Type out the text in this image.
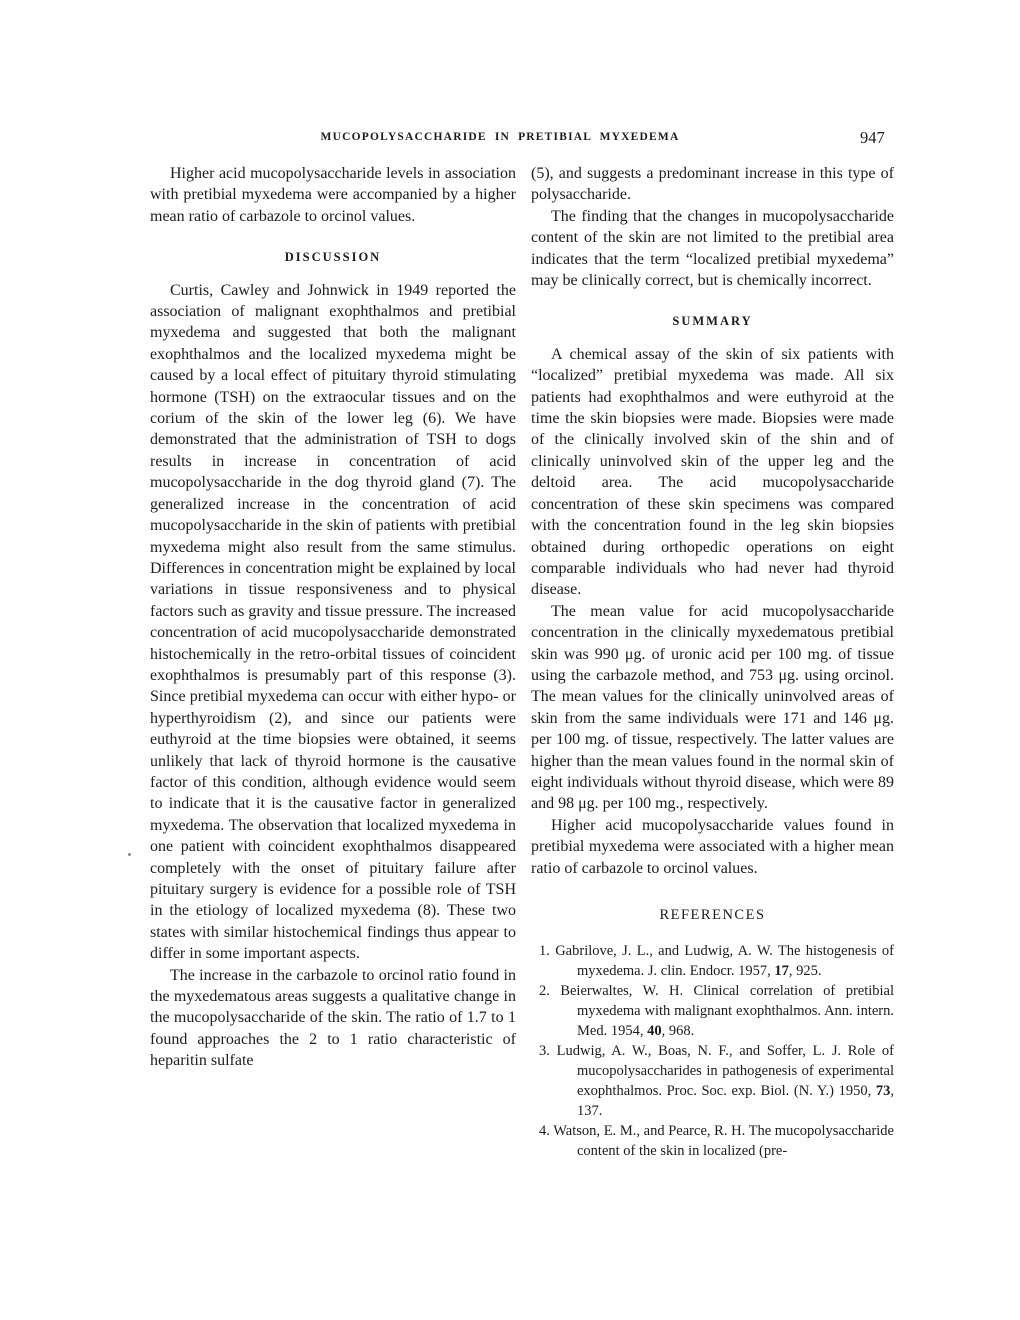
MUCOPOLYSACCHARIDE IN PRETIBIAL MYXEDEMA	947

Higher acid mucopolysaccharide levels in association with pretibial myxedema were accompanied by a higher mean ratio of carbazole to orcinol values.

DISCUSSION

Curtis, Cawley and Johnwick in 1949 reported the association of malignant exophthalmos and pretibial myxedema and suggested that both the malignant exophthalmos and the localized myxedema might be caused by a local effect of pituitary thyroid stimulating hormone (TSH) on the extraocular tissues and on the corium of the skin of the lower leg (6). We have demonstrated that the administration of TSH to dogs results in increase in concentration of acid mucopolysaccharide in the dog thyroid gland (7). The generalized increase in the concentration of acid mucopolysaccharide in the skin of patients with pretibial myxedema might also result from the same stimulus. Differences in concentration might be explained by local variations in tissue responsiveness and to physical factors such as gravity and tissue pressure. The increased concentration of acid mucopolysaccharide demonstrated histochemically in the retro-orbital tissues of coincident exophthalmos is presumably part of this response (3). Since pretibial myxedema can occur with either hypo- or hyperthyroidism (2), and since our patients were euthyroid at the time biopsies were obtained, it seems unlikely that lack of thyroid hormone is the causative factor of this condition, although evidence would seem to indicate that it is the causative factor in generalized myxedema. The observation that localized myxedema in one patient with coincident exophthalmos disappeared completely with the onset of pituitary failure after pituitary surgery is evidence for a possible role of TSH in the etiology of localized myxedema (8). These two states with similar histochemical findings thus appear to differ in some important aspects.

The increase in the carbazole to orcinol ratio found in the myxedematous areas suggests a qualitative change in the mucopolysaccharide of the skin. The ratio of 1.7 to 1 found approaches the 2 to 1 ratio characteristic of heparitin sulfate

(5), and suggests a predominant increase in this type of polysaccharide.

The finding that the changes in mucopolysaccharide content of the skin are not limited to the pretibial area indicates that the term “localized pretibial myxedema” may be clinically correct, but is chemically incorrect.

SUMMARY

A chemical assay of the skin of six patients with “localized” pretibial myxedema was made. All six patients had exophthalmos and were euthyroid at the time the skin biopsies were made. Biopsies were made of the clinically involved skin of the shin and of clinically uninvolved skin of the upper leg and the deltoid area. The acid mucopolysaccharide concentration of these skin specimens was compared with the concentration found in the leg skin biopsies obtained during orthopedic operations on eight comparable individuals who had never had thyroid disease.

The mean value for acid mucopolysaccharide concentration in the clinically myxedematous pretibial skin was 990 μg. of uronic acid per 100 mg. of tissue using the carbazole method, and 753 μg. using orcinol. The mean values for the clinically uninvolved areas of skin from the same individuals were 171 and 146 μg. per 100 mg. of tissue, respectively. The latter values are higher than the mean values found in the normal skin of eight individuals without thyroid disease, which were 89 and 98 μg. per 100 mg., respectively.

Higher acid mucopolysaccharide values found in pretibial myxedema were associated with a higher mean ratio of carbazole to orcinol values.

REFERENCES

1. Gabrilove, J. L., and Ludwig, A. W. The histogenesis of myxedema. J. clin. Endocr. 1957, 17, 925.
2. Beierwaltes, W. H. Clinical correlation of pretibial myxedema with malignant exophthalmos. Ann. intern. Med. 1954, 40, 968.
3. Ludwig, A. W., Boas, N. F., and Soffer, L. J. Role of mucopolysaccharides in pathogenesis of experimental exophthalmos. Proc. Soc. exp. Biol. (N. Y.) 1950, 73, 137.
4. Watson, E. M., and Pearce, R. H. The mucopolysaccharide content of the skin in localized (pre-
